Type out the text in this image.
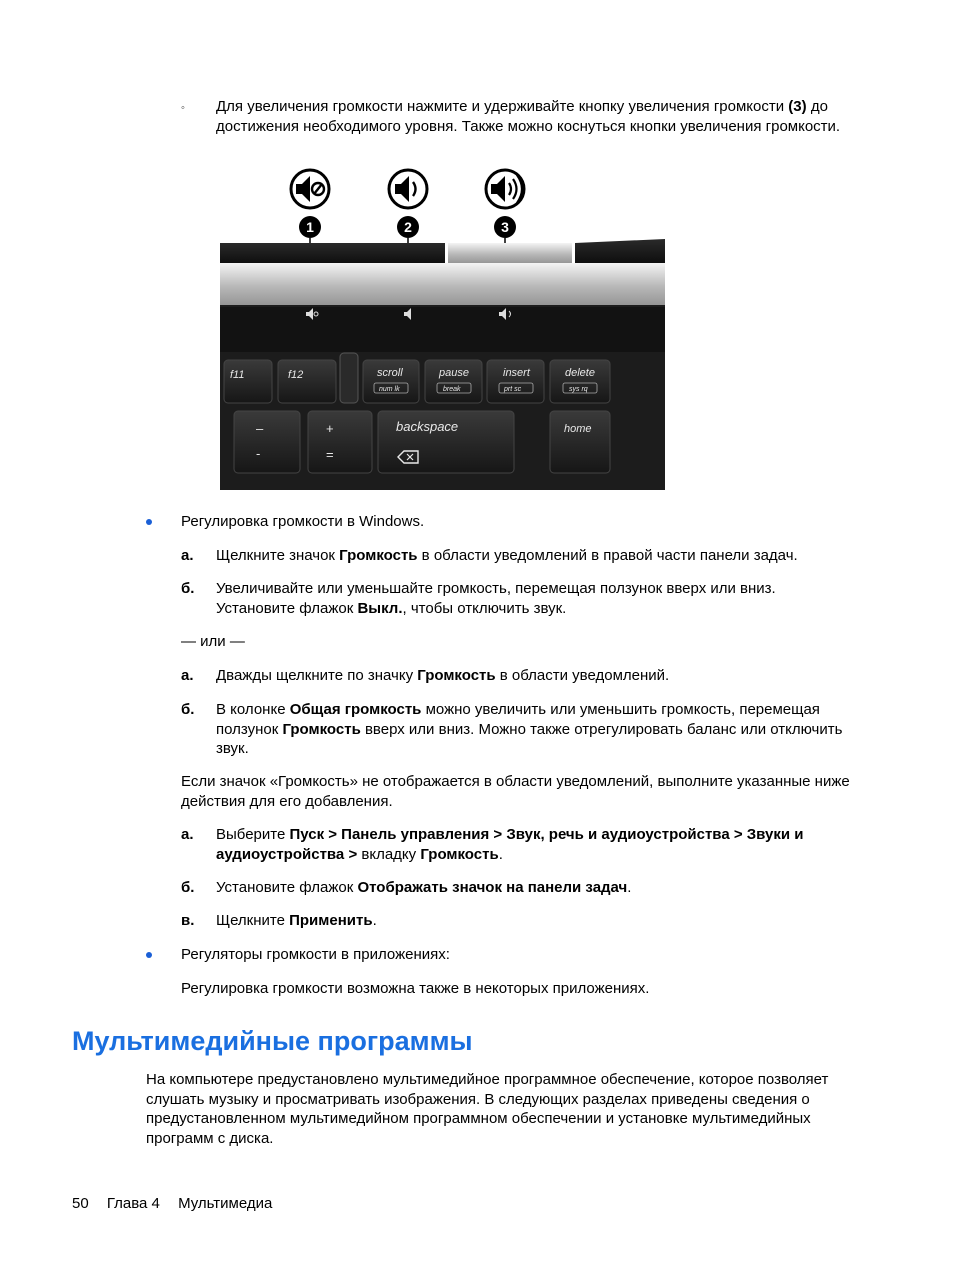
◦ Для увеличения громкости нажмите и удерживайте кнопку увеличения громкости (3) до достижения необходимого уровня. Также можно коснуться кнопки увеличения громкости.
1	2	3
f11	f12	scroll
num lk
pause
break
insert
prt sc
delete
sys rq
–
-
+
=
backspace	home
Регулировка громкости в Windows.
а. Щелкните значок Громкость в области уведомлений в правой части панели задач.
б. Увеличивайте или уменьшайте громкость, перемещая ползунок вверх или вниз. Установите флажок Выкл., чтобы отключить звук.
— или —
а. Дважды щелкните по значку Громкость в области уведомлений.
б. В колонке Общая громкость можно увеличить или уменьшить громкость, перемещая ползунок Громкость вверх или вниз. Можно также отрегулировать баланс или отключить звук.
Если значок «Громкость» не отображается в области уведомлений, выполните указанные ниже действия для его добавления.
а. Выберите Пуск > Панель управления > Звук, речь и аудиоустройства > Звуки и аудиоустройства > вкладку Громкость.
б. Установите флажок Отображать значок на панели задач.
в. Щелкните Применить.
Регуляторы громкости в приложениях:
Регулировка громкости возможна также в некоторых приложениях.
Мультимедийные программы
На компьютере предустановлено мультимедийное программное обеспечение, которое позволяет слушать музыку и просматривать изображения. В следующих разделах приведены сведения о предустановленном мультимедийном программном обеспечении и установке мультимедийных программ с диска.
50 Глава 4 Мультимедиа
